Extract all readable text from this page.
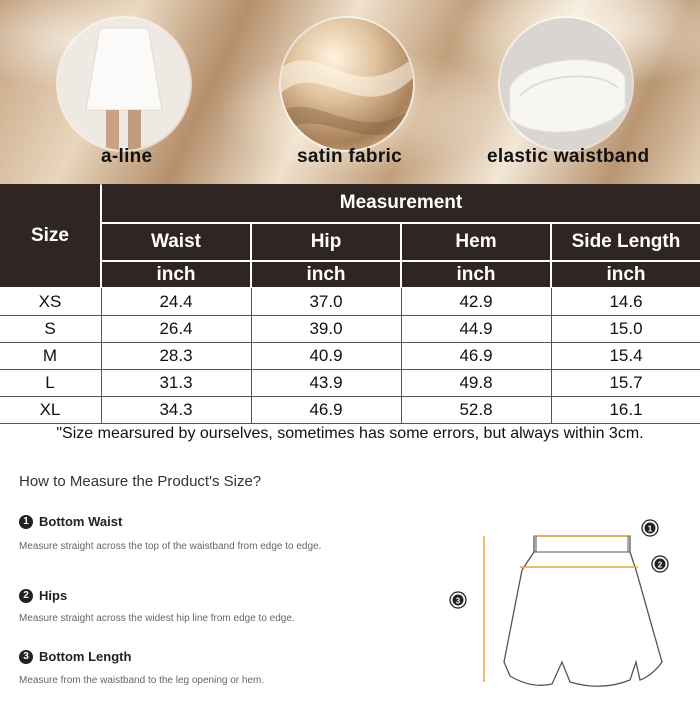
a-line	satin fabric	elastic waistband
Size
Measurement
Waist	Hip	Hem	Side Length
inch	inch	inch	inch
XS	24.4	37.0	42.9	14.6
S	26.4	39.0	44.9	15.0
M	28.3	40.9	46.9	15.4
L	31.3	43.9	49.8	15.7
XL	34.3	46.9	52.8	16.1
"Size mearsured by ourselves, sometimes has some errors, but always within 3cm.
How to Measure the Product's Size?
1 Bottom Waist
Measure straight across the top of the waistband from edge to edge.
2 Hips
Measure straight across the widest hip line from edge to edge.
3 Bottom Length
Measure from the waistband to the leg opening or hem.
1
2
3
